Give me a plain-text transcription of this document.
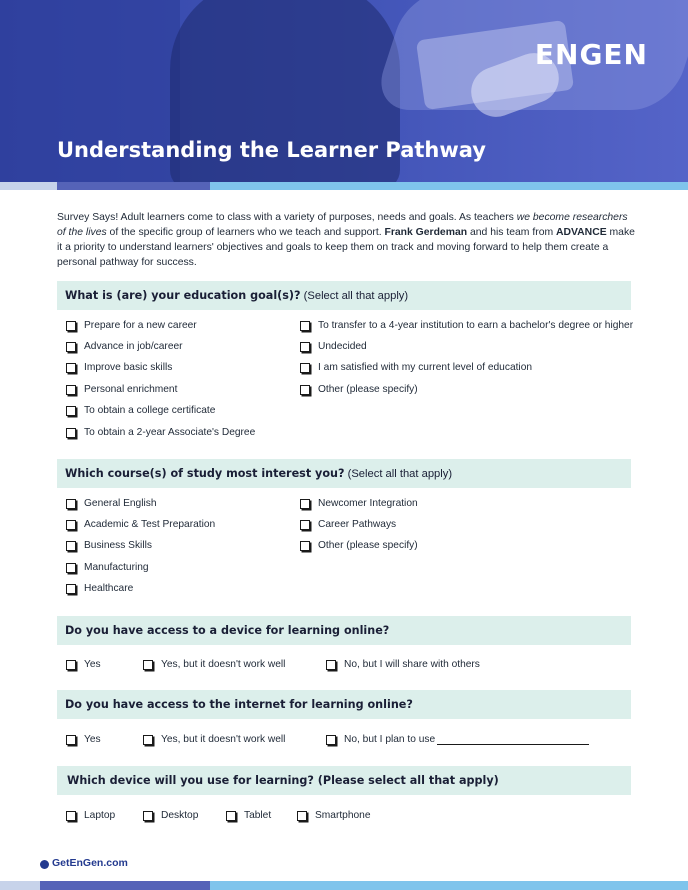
ENGEN
Understanding the Learner Pathway
Survey Says! Adult learners come to class with a variety of purposes, needs and goals. As teachers we become researchers of the lives of the specific group of learners who we teach and support. Frank Gerdeman and his team from ADVANCE make it a priority to understand learners' objectives and goals to keep them on track and moving forward to help them create a personal pathway for success.
What is (are) your education goal(s)? (Select all that apply)
Prepare for a new career
Advance in job/career
Improve basic skills
Personal enrichment
To obtain a college certificate
To obtain a 2-year Associate's Degree
To transfer to a 4-year institution to earn a bachelor's degree or higher
Undecided
I am satisfied with my current level of education
Other (please specify)
Which course(s) of study most interest you? (Select all that apply)
General English
Academic & Test Preparation
Business Skills
Manufacturing
Healthcare
Newcomer Integration
Career Pathways
Other (please specify)
Do you have access to a device for learning online?
Yes	Yes, but it doesn't work well	No, but I will share with others
Do you have access to the internet for learning online?
Yes	Yes, but it doesn't work well	No, but I plan to use
Which device will you use for learning? (Please select all that apply)
Laptop	Desktop	Tablet	Smartphone
GetEnGen.com
